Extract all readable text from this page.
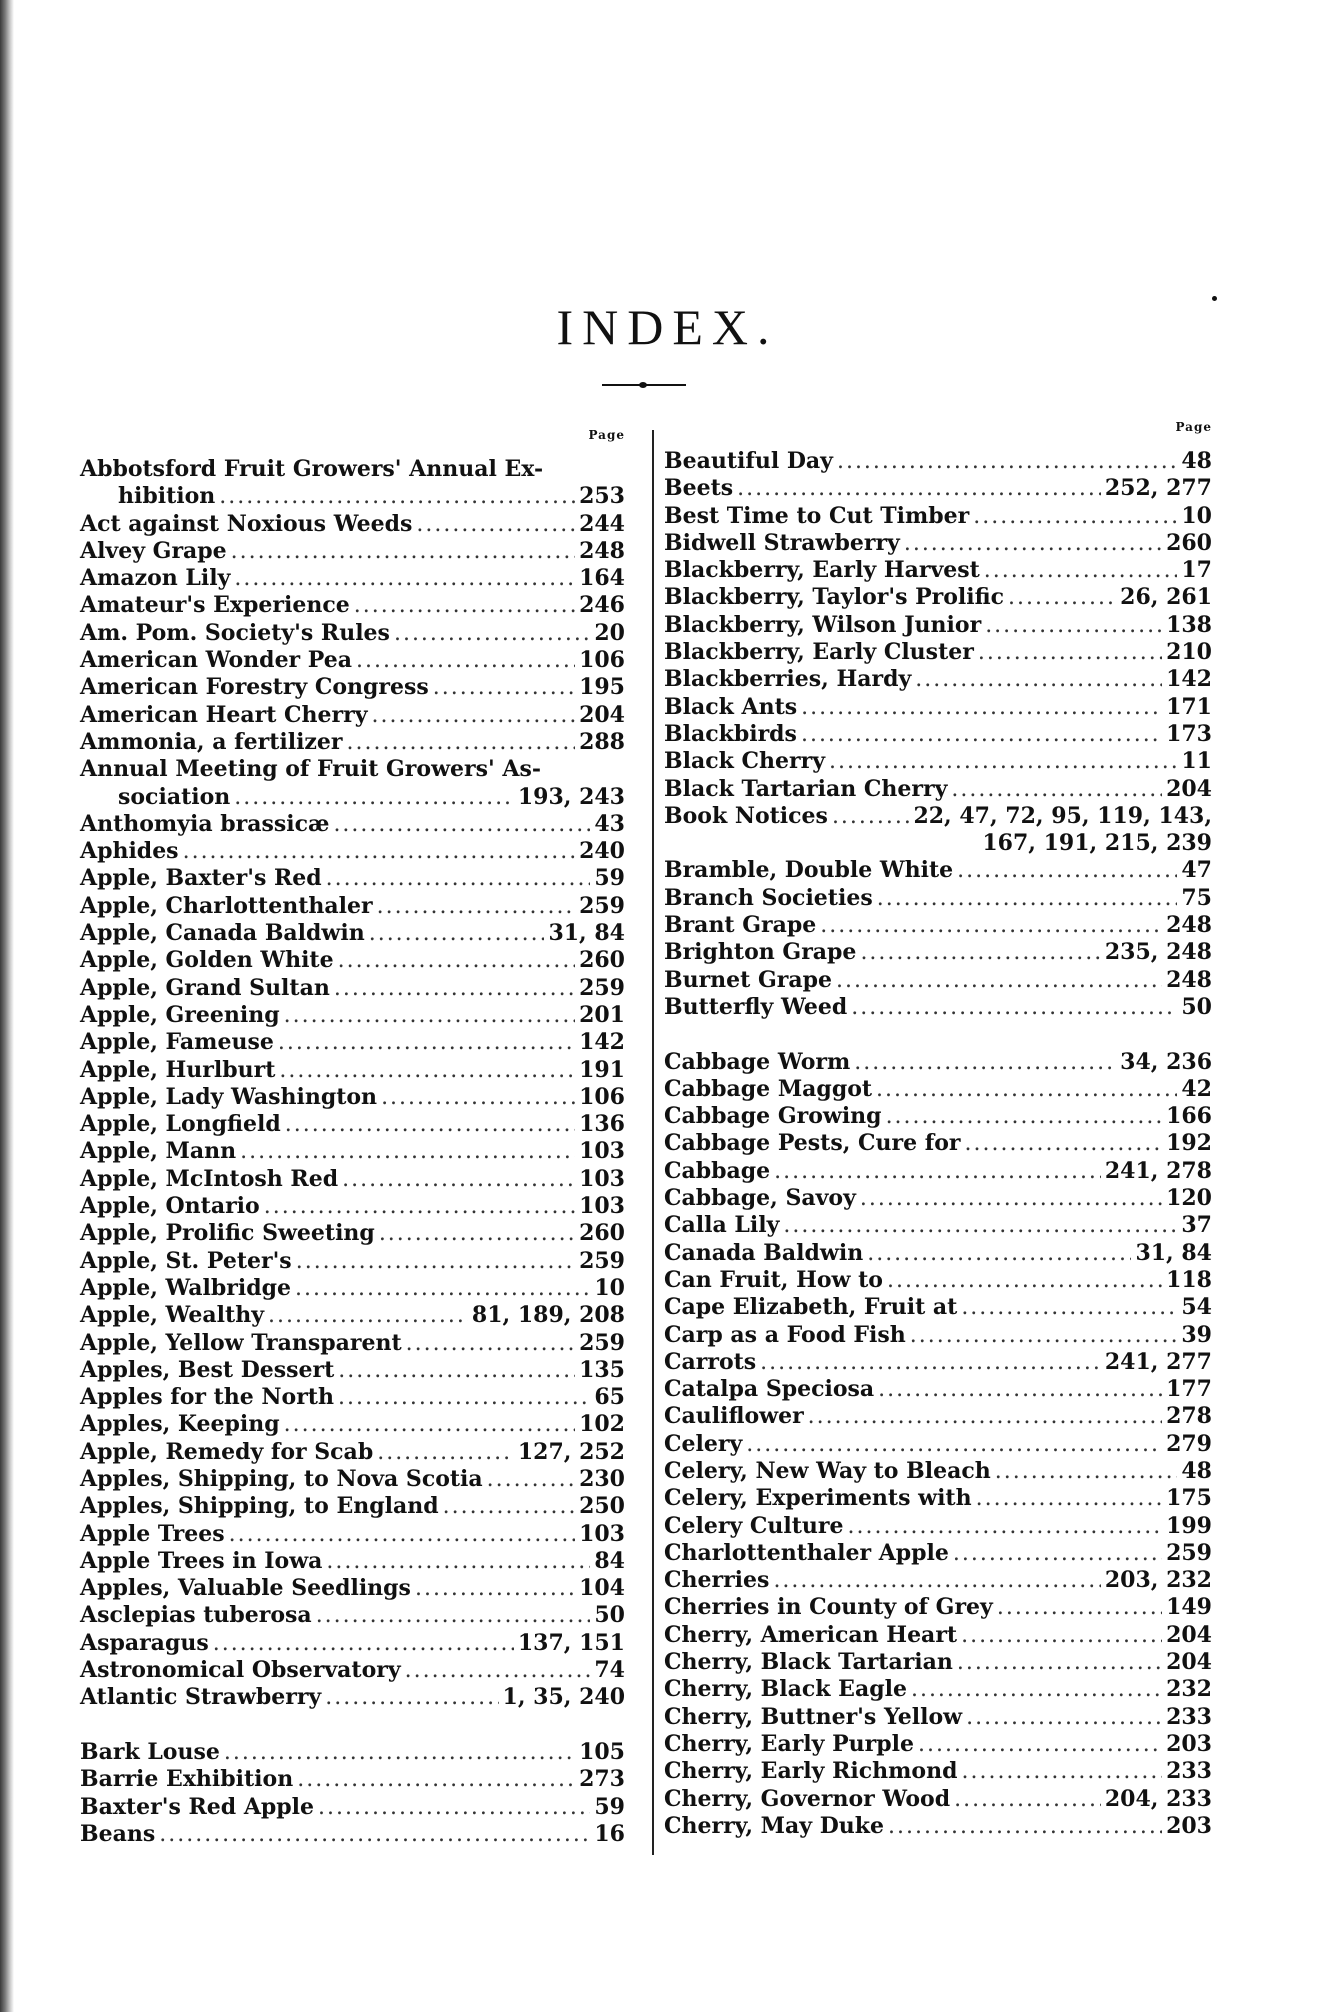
INDEX.
Page
Abbotsford Fruit Growers' Annual Ex-
hibition .....	253
Act against Noxious Weeds .....	244
Alvey Grape .....	248
Amazon Lily .....	164
Amateur's Experience .....	246
Am. Pom. Society's Rules .....	20
American Wonder Pea .....	106
American Forestry Congress .....	195
American Heart Cherry .....	204
Ammonia, a fertilizer .....	288
Annual Meeting of Fruit Growers' As-
sociation .....	193, 243
Anthomyia brassicæ .....	43
Aphides .....	240
Apple, Baxter's Red .....	59
Apple, Charlottenthaler .....	259
Apple, Canada Baldwin .....	31, 84
Apple, Golden White .....	260
Apple, Grand Sultan .....	259
Apple, Greening .....	201
Apple, Fameuse .....	142
Apple, Hurlburt .....	191
Apple, Lady Washington .....	106
Apple, Longfield .....	136
Apple, Mann .....	103
Apple, McIntosh Red .....	103
Apple, Ontario .....	103
Apple, Prolific Sweeting .....	260
Apple, St. Peter's .....	259
Apple, Walbridge .....	10
Apple, Wealthy .....	81, 189, 208
Apple, Yellow Transparent .....	259
Apples, Best Dessert .....	135
Apples for the North .....	65
Apples, Keeping .....	102
Apple, Remedy for Scab .....	127, 252
Apples, Shipping, to Nova Scotia .....	230
Apples, Shipping, to England .....	250
Apple Trees .....	103
Apple Trees in Iowa .....	84
Apples, Valuable Seedlings .....	104
Asclepias tuberosa .....	50
Asparagus .....	137, 151
Astronomical Observatory .....	74
Atlantic Strawberry .....	1, 35, 240
Bark Louse .....	105
Barrie Exhibition .....	273
Baxter's Red Apple .....	59
Beans .....	16
Page
Beautiful Day .....	48
Beets .....	252, 277
Best Time to Cut Timber .....	10
Bidwell Strawberry .....	260
Blackberry, Early Harvest .....	17
Blackberry, Taylor's Prolific .....	26, 261
Blackberry, Wilson Junior .....	138
Blackberry, Early Cluster .....	210
Blackberries, Hardy .....	142
Black Ants .....	171
Blackbirds .....	173
Black Cherry .....	11
Black Tartarian Cherry .....	204
Book Notices .....	22, 47, 72, 95, 119, 143,
167, 191, 215, 239
Bramble, Double White .....	47
Branch Societies .....	75
Brant Grape .....	248
Brighton Grape .....	235, 248
Burnet Grape .....	248
Butterfly Weed .....	50
Cabbage Worm .....	34, 236
Cabbage Maggot .....	42
Cabbage Growing .....	166
Cabbage Pests, Cure for .....	192
Cabbage .....	241, 278
Cabbage, Savoy .....	120
Calla Lily .....	37
Canada Baldwin .....	31, 84
Can Fruit, How to .....	118
Cape Elizabeth, Fruit at .....	54
Carp as a Food Fish .....	39
Carrots .....	241, 277
Catalpa Speciosa .....	177
Cauliflower .....	278
Celery .....	279
Celery, New Way to Bleach .....	48
Celery, Experiments with .....	175
Celery Culture .....	199
Charlottenthaler Apple .....	259
Cherries .....	203, 232
Cherries in County of Grey .....	149
Cherry, American Heart .....	204
Cherry, Black Tartarian .....	204
Cherry, Black Eagle .....	232
Cherry, Buttner's Yellow .....	233
Cherry, Early Purple .....	203
Cherry, Early Richmond .....	233
Cherry, Governor Wood .....	204, 233
Cherry, May Duke .....	203
